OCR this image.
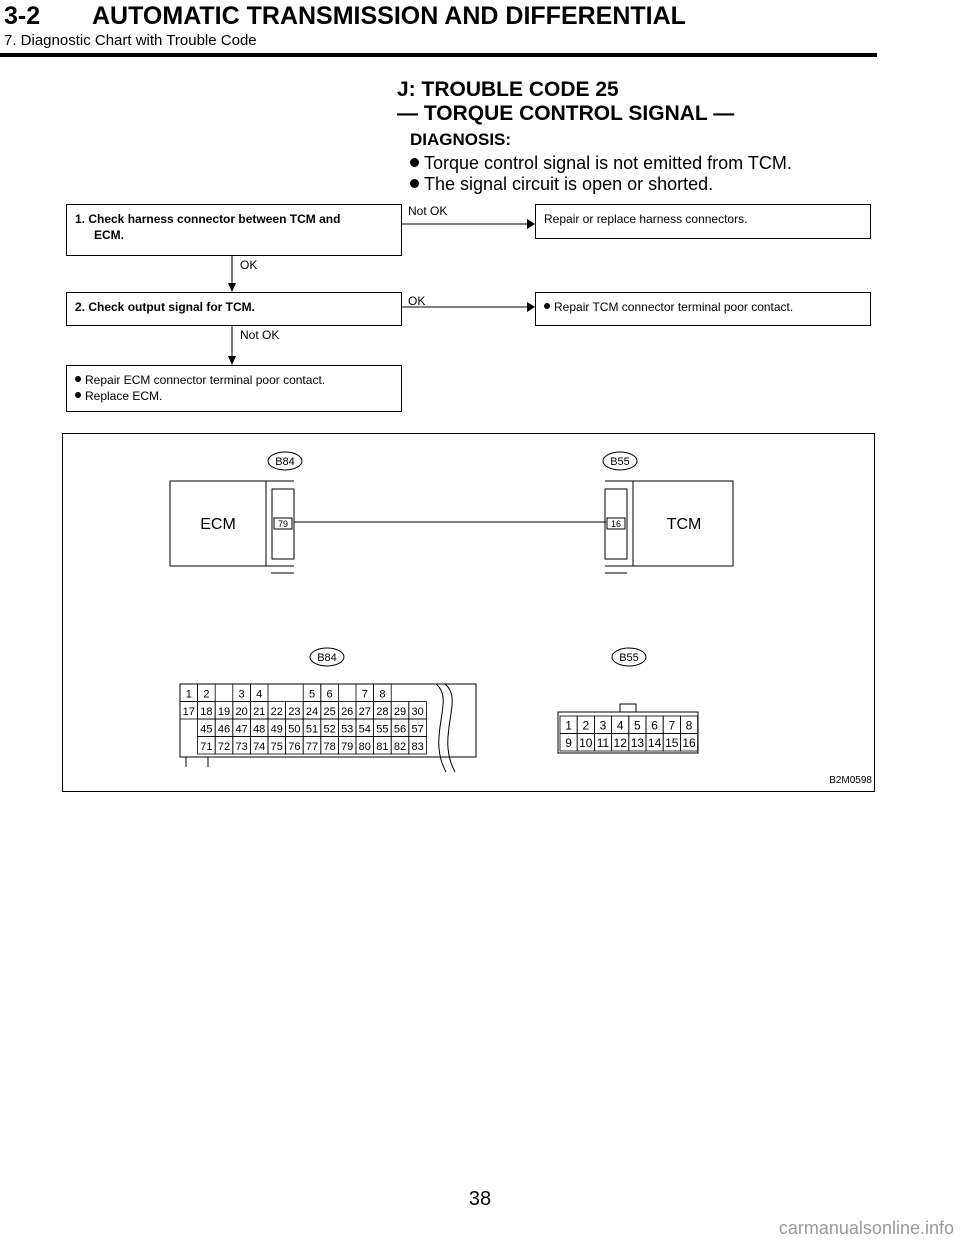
3-2 AUTOMATIC TRANSMISSION AND DIFFERENTIAL
7. Diagnostic Chart with Trouble Code
J: TROUBLE CODE 25
— TORQUE CONTROL SIGNAL —
DIAGNOSIS:
Torque control signal is not emitted from TCM.
The signal circuit is open or shorted.
1. Check harness connector between TCM and
ECM.
Not OK
Repair or replace harness connectors.
OK
2. Check output signal for TCM.	OK	Repair TCM connector terminal poor contact.
Not OK
Repair ECM connector terminal poor contact.
Replace ECM.
B84	B55
ECM	79	TCM
16
B84	B55
1 2	3 4	5 6	7 8
17 18 19 20 21 22 23 24 25 26 27 28 29 30
45 46 47 48 49 50 51 52 53 54 55 56 57
71 72 73 74 75 76 77 78 79 80 81 82 83
1 2 3 4 5 6 7 8
9 10 11 12 13 14 15 16
B2M0598
38
carmanualsonline.info
